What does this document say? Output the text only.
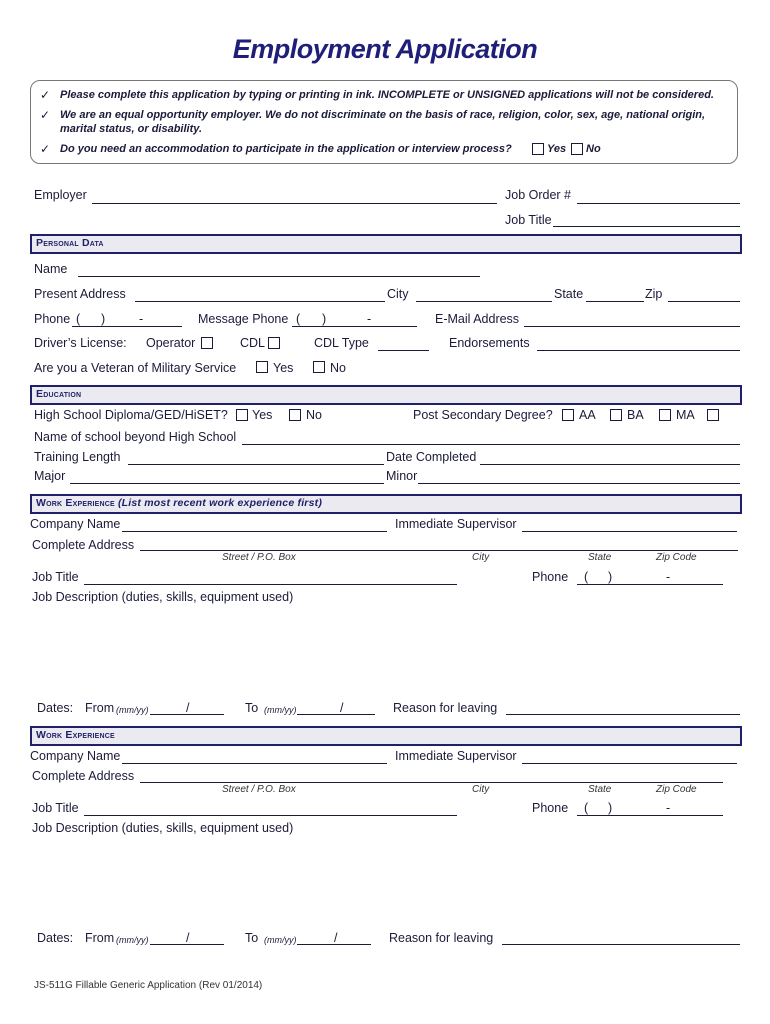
Employment Application
✓ Please complete this application by typing or printing in ink. INCOMPLETE or UNSIGNED applications will not be considered.
✓ We are an equal opportunity employer. We do not discriminate on the basis of race, religion, color, sex, age, national origin,
marital status, or disability.
✓ Do you need an accommodation to participate in the application or interview process?	Yes No
Employer	Job Order #
Job Title
Personal Data
Name
Present Address	City	State	Zip
Phone ( )	-	Message Phone ( )	-	E-Mail Address
Driver’s License: Operator	CDL	CDL Type	Endorsements
Are you a Veteran of Military Service	Yes	No
Education
High School Diploma/GED/HiSET? Yes	No	Post Secondary Degree? AA	BA	MA
Name of school beyond High School
Training Length	Date Completed
Major	Minor
Work Experience (List most recent work experience first)
Company Name	Immediate Supervisor
Complete Address
Street / P.O. Box	City	State	Zip Code
Job Title	Phone ( )	-
Job Description (duties, skills, equipment used)
Dates: From (mm/yy)	/	To (mm/yy)	/	Reason for leaving
Work Experience
Company Name	Immediate Supervisor
Complete Address
Street / P.O. Box	City	State	Zip Code
Job Title	Phone ( )	-
Job Description (duties, skills, equipment used)
Dates: From (mm/yy)	/	To (mm/yy)	/	Reason for leaving
JS-511G Fillable Generic Application (Rev 01/2014)
